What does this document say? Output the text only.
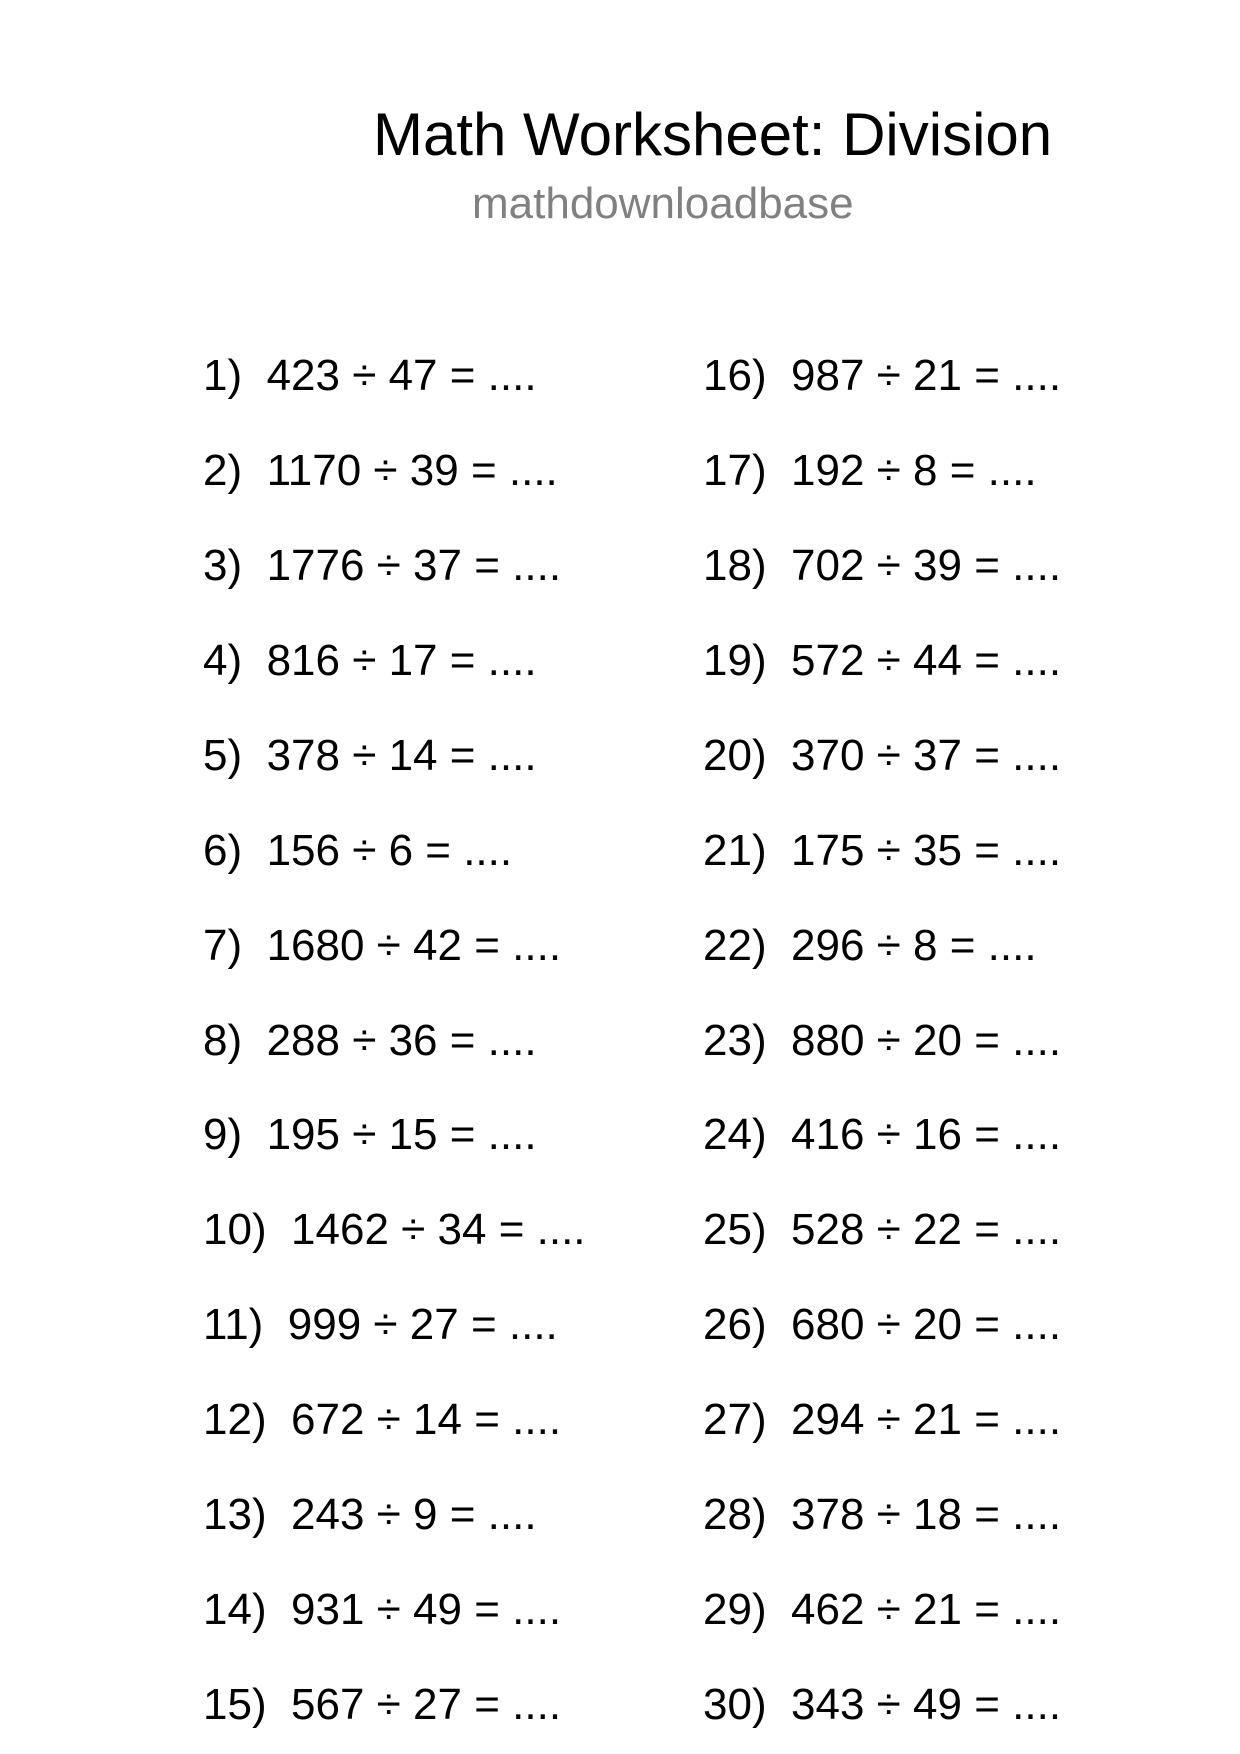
Math Worksheet: Division
mathdownloadbase
1) 423 ÷ 47 = ....
2) 1170 ÷ 39 = ....
3) 1776 ÷ 37 = ....
4) 816 ÷ 17 = ....
5) 378 ÷ 14 = ....
6) 156 ÷ 6 = ....
7) 1680 ÷ 42 = ....
8) 288 ÷ 36 = ....
9) 195 ÷ 15 = ....
10) 1462 ÷ 34 = ....
11) 999 ÷ 27 = ....
12) 672 ÷ 14 = ....
13) 243 ÷ 9 = ....
14) 931 ÷ 49 = ....
15) 567 ÷ 27 = ....
16) 987 ÷ 21 = ....
17) 192 ÷ 8 = ....
18) 702 ÷ 39 = ....
19) 572 ÷ 44 = ....
20) 370 ÷ 37 = ....
21) 175 ÷ 35 = ....
22) 296 ÷ 8 = ....
23) 880 ÷ 20 = ....
24) 416 ÷ 16 = ....
25) 528 ÷ 22 = ....
26) 680 ÷ 20 = ....
27) 294 ÷ 21 = ....
28) 378 ÷ 18 = ....
29) 462 ÷ 21 = ....
30) 343 ÷ 49 = ....
